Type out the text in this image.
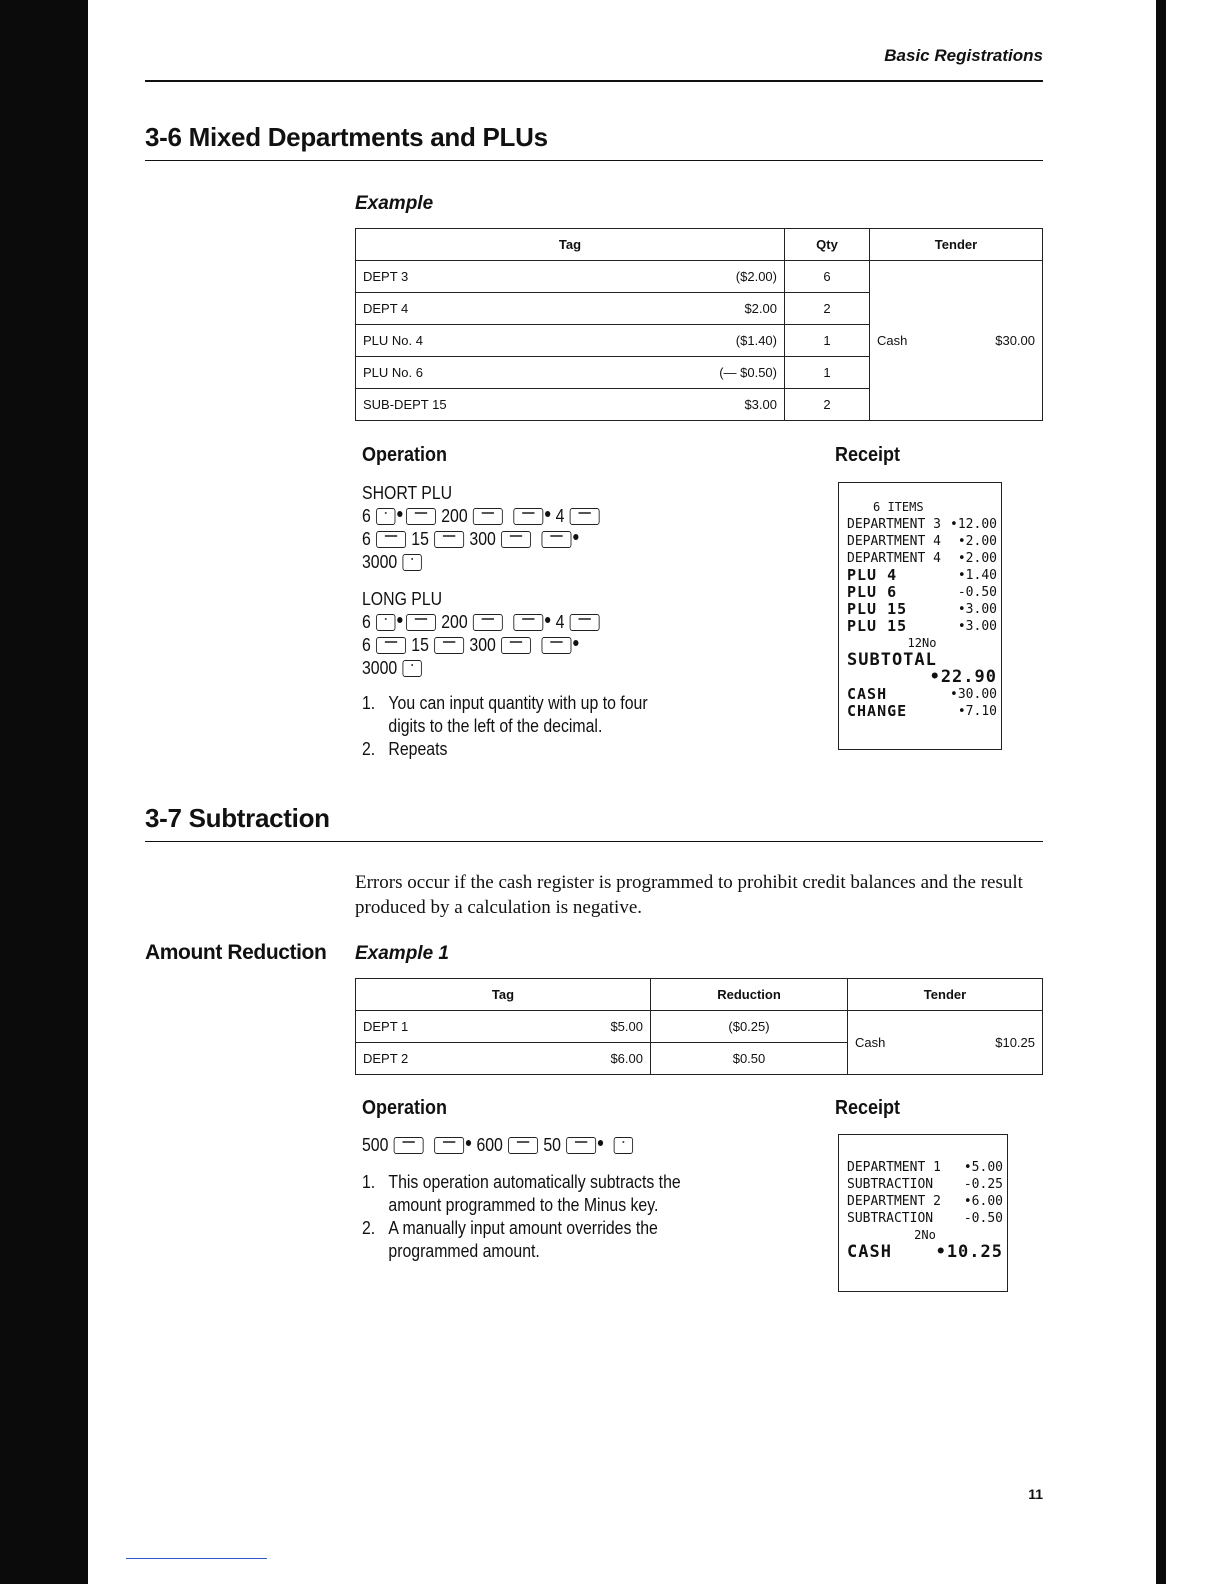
Basic Registrations
3-6 Mixed Departments and PLUs
Example
Tag	Qty	Tender

DEPT 3 ($2.00)	6	Cash $30.00

DEPT 4 $2.00	2	

PLU No. 4 ($1.40)	1	

PLU No. 6 (— $0.50)	1	

SUB-DEPT 15 $3.00	2	
Operation	Receipt
SHORT PLU
6	200	4
6 15 300
3000
LONG PLU
6	200	4
6 15 300
3000
1. You can input quantity with up to four digits to the left of the decimal.
2. Repeats
6 ITEMS
DEPARTMENT 3 •12.00
DEPARTMENT 4 •2.00
DEPARTMENT 4 •2.00
PLU 4	•1.40
PLU 6	-0.50
PLU 15	•3.00
PLU 15	•3.00
12No
SUBTOTAL
•22.90
CASH	•30.00
CHANGE	•7.10
3-7 Subtraction
Errors occur if the cash register is programmed to prohibit credit balances and the result produced by a calculation is negative.
Amount Reduction Example 1
Tag	Reduction	Tender

DEPT 1 $5.00	($0.25)	Cash $10.25

DEPT 2 $6.00	$0.50	
Operation	Receipt
500	600 50
1. This operation automatically subtracts the amount programmed to the Minus key.
2. A manually input amount overrides the programmed amount.
DEPARTMENT 1 •5.00
SUBTRACTION -0.25
DEPARTMENT 2 •6.00
SUBTRACTION -0.50
2No
CASH	•10.25
11
